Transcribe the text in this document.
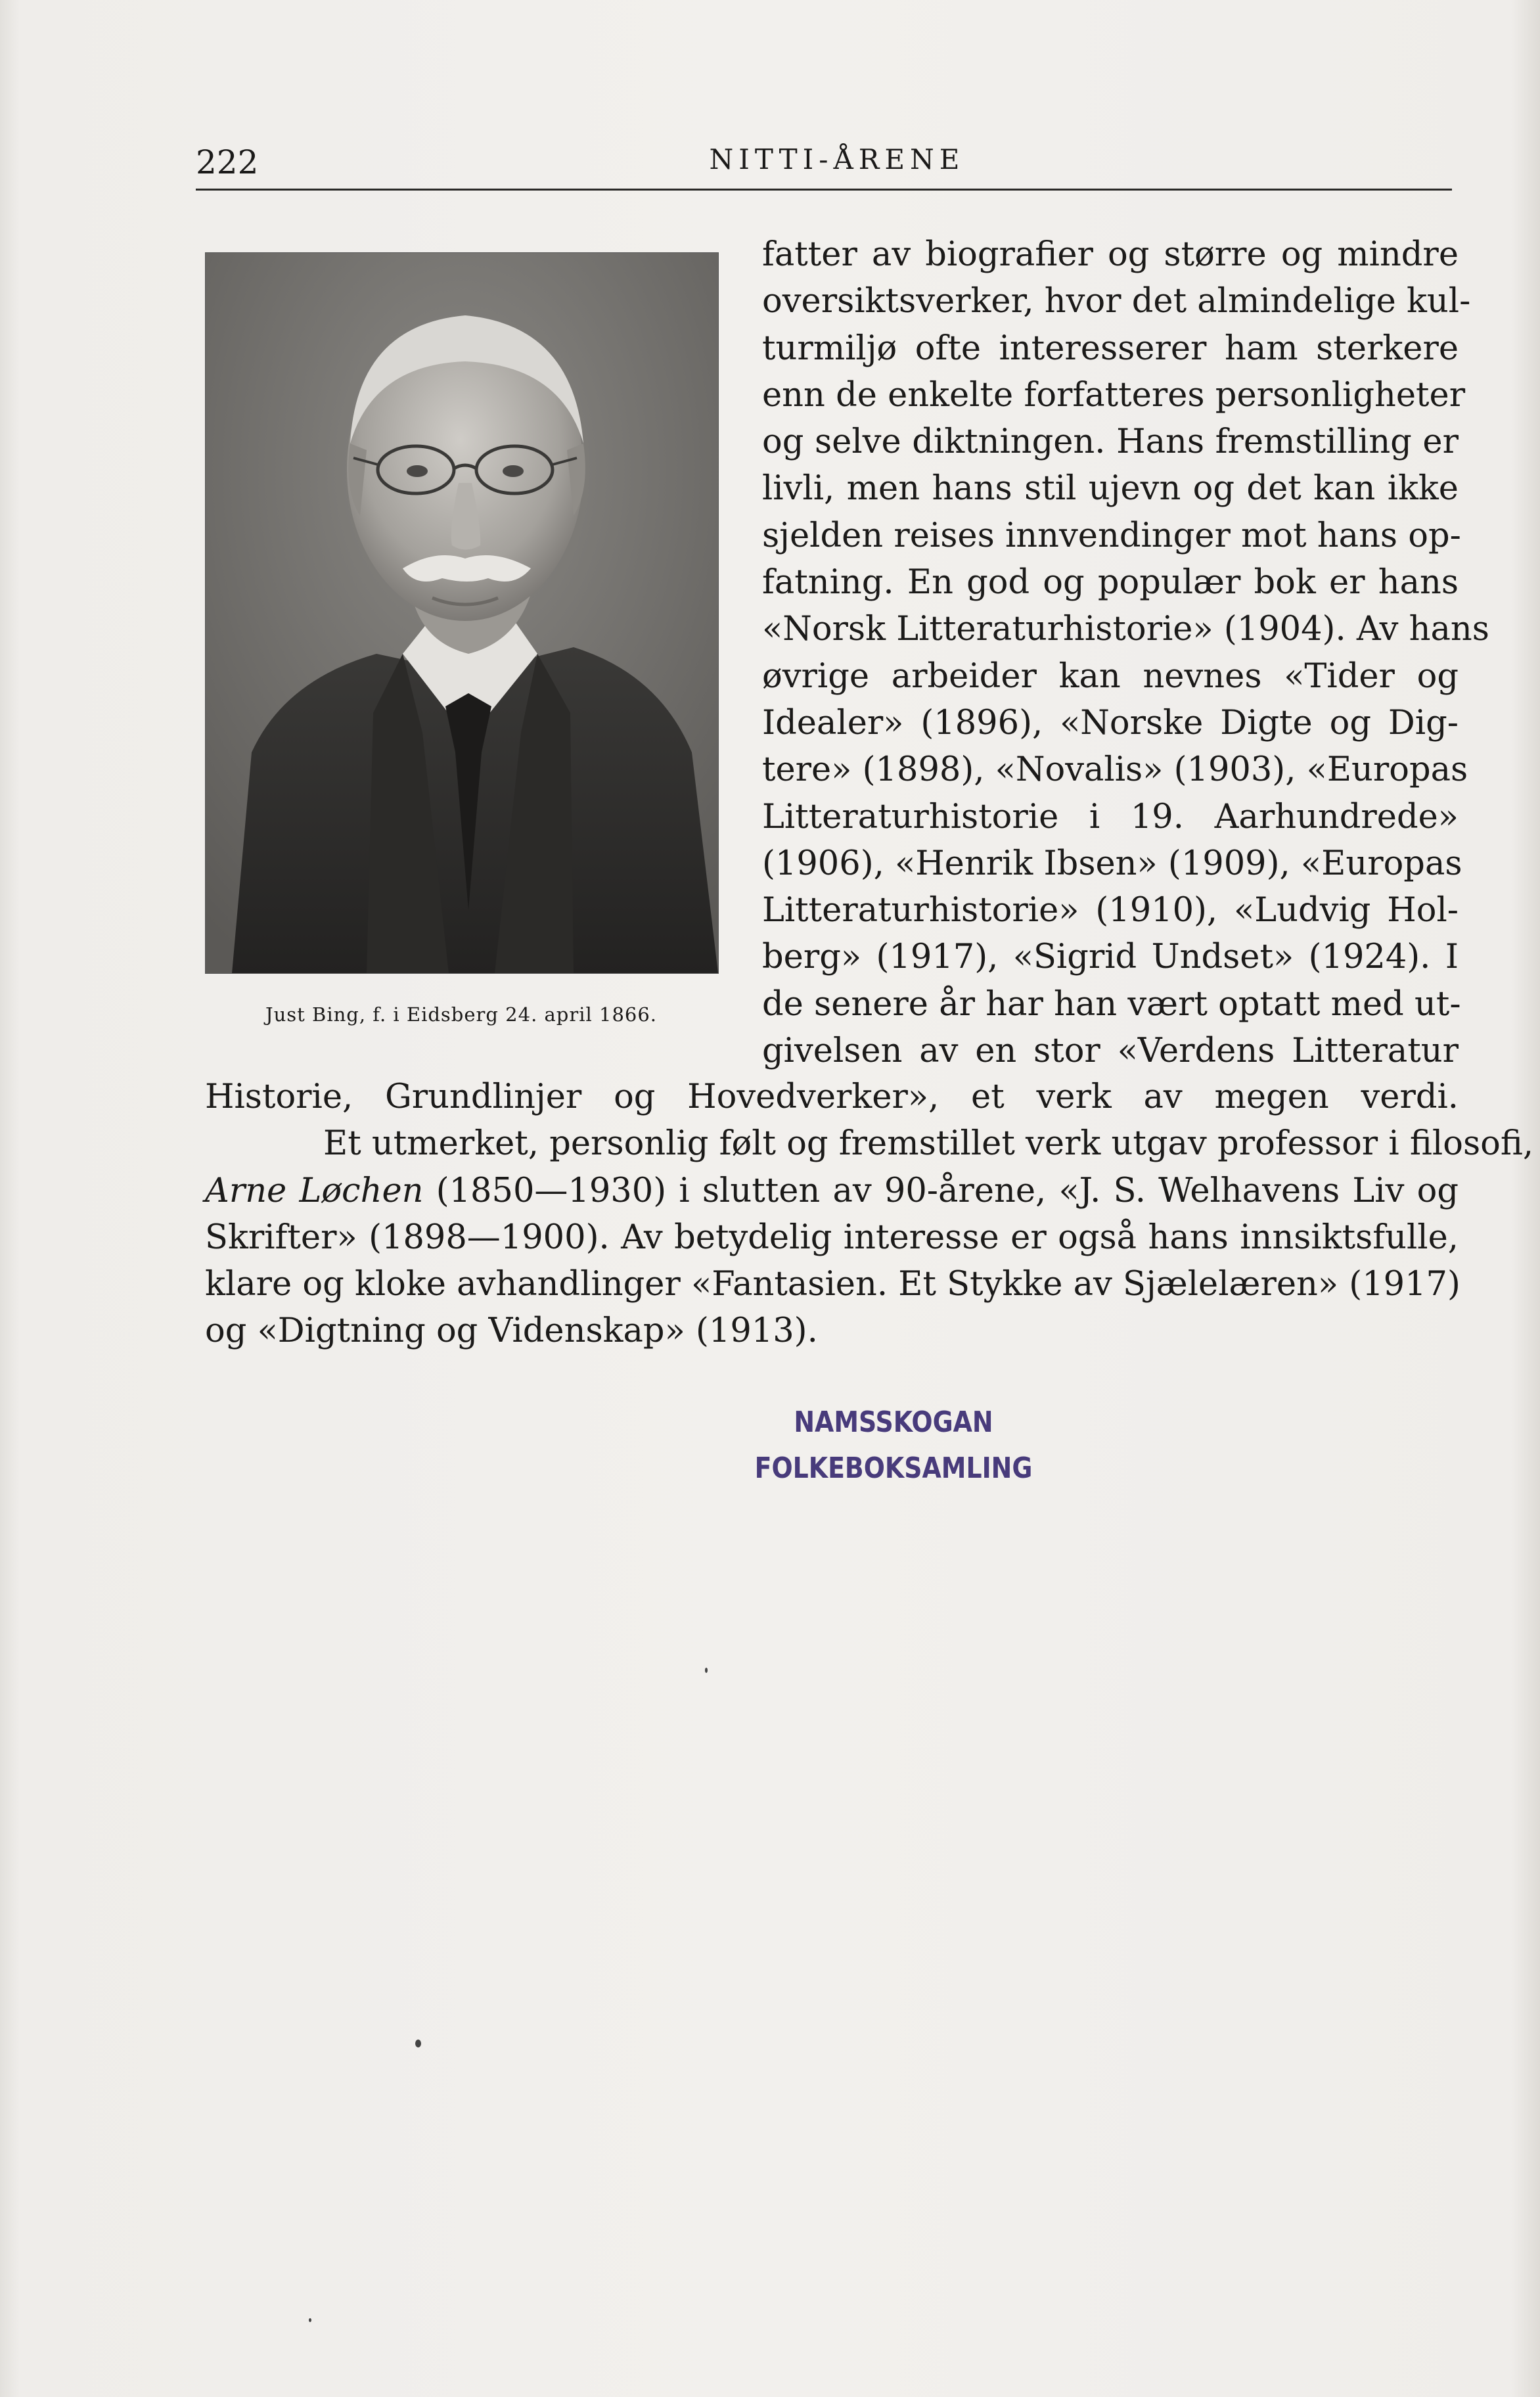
222	NITTI-ÅRENE
Just Bing, f. i Eidsberg 24. april 1866.
fatter av biografier og større og mindre
oversiktsverker, hvor det almindelige kul-
turmiljø ofte interesserer ham sterkere
enn de enkelte forfatteres personligheter
og selve diktningen. Hans fremstilling er
livli, men hans stil ujevn og det kan ikke
sjelden reises innvendinger mot hans op-
fatning. En god og populær bok er hans
«Norsk Litteraturhistorie» (1904). Av hans
øvrige arbeider kan nevnes «Tider og
Idealer» (1896), «Norske Digte og Dig-
tere» (1898), «Novalis» (1903), «Europas
Litteraturhistorie i 19. Aarhundrede»
(1906), «Henrik Ibsen» (1909), «Europas
Litteraturhistorie» (1910), «Ludvig Hol-
berg» (1917), «Sigrid Undset» (1924). I
de senere år har han vært optatt med ut-
givelsen av en stor «Verdens Litteratur
Historie, Grundlinjer og Hovedverker», et verk av megen verdi.
Et utmerket, personlig følt og fremstillet verk utgav professor i filosofi,
Arne Løchen (1850—1930) i slutten av 90-årene, «J. S. Welhavens Liv og
Skrifter» (1898—1900). Av betydelig interesse er også hans innsiktsfulle,
klare og kloke avhandlinger «Fantasien. Et Stykke av Sjælelæren» (1917)
og «Digtning og Videnskap» (1913).
NAMSSKOGAN
FOLKEBOKSAMLING
